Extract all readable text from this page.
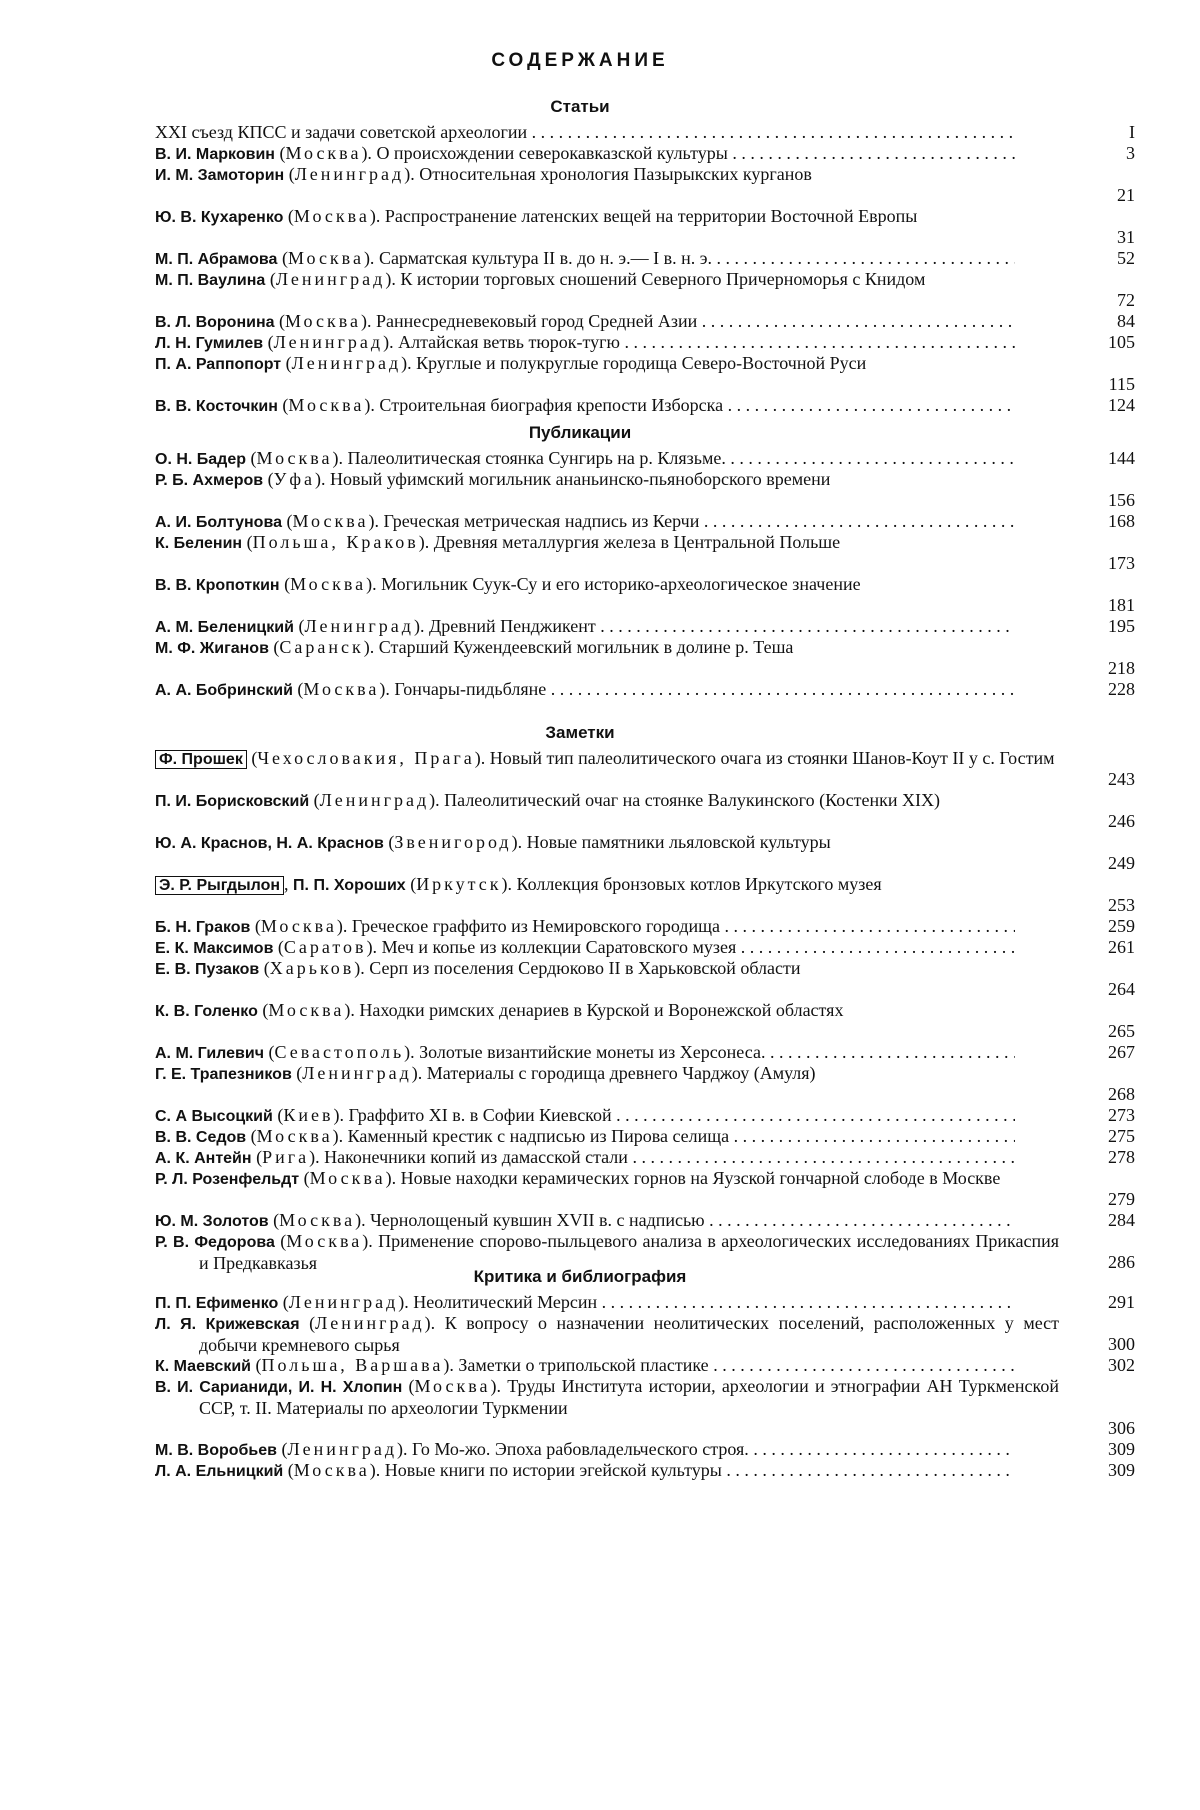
СОДЕРЖАНИЕ
Статьи
XXI съезд КПСС и задачи советской археологии . . .	I
В. И. Марковин (Москва). О происхождении северокавказской культуры . . .	3
И. М. Замоторин (Ленинград). Относительная хронология Пазырыкских курганов
21
Ю. В. Кухаренко (Москва). Распространение латенских вещей на территории Восточной Европы
31
М. П. Абрамова (Москва). Сарматская культура II в. до н. э.— I в. н. э. . . .	52
М. П. Ваулина (Ленинград). К истории торговых сношений Северного Причерноморья с Книдом
72
В. Л. Воронина (Москва). Раннесредневековый город Средней Азии . . .	84
Л. Н. Гумилев (Ленинград). Алтайская ветвь тюрок-тугю . . .	105
П. А. Раппопорт (Ленинград). Круглые и полукруглые городища Северо-Восточной Руси
115
В. В. Косточкин (Москва). Строительная биография крепости Изборска . . .	124
Публикации
О. Н. Бадер (Москва). Палеолитическая стоянка Сунгирь на р. Клязьме. . . .	144
Р. Б. Ахмеров (Уфа). Новый уфимский могильник ананьинско-пьяноборского времени
156
А. И. Болтунова (Москва). Греческая метрическая надпись из Керчи . . .	168
К. Беленин (Польша, Краков). Древняя металлургия железа в Центральной Польше
173
В. В. Кропоткин (Москва). Могильник Суук-Су и его историко-археологическое значение
181
А. М. Беленицкий (Ленинград). Древний Пенджикент . . .	195
М. Ф. Жиганов (Саранск). Старший Кужендеевский могильник в долине р. Теша
218
А. А. Бобринский (Москва). Гончары-пидьбляне . . .	228
Заметки
Ф. Прошек (Чехословакия, Прага). Новый тип палеолитического очага из стоянки Шанов-Коут II у с. Гостим
243
П. И. Борисковский (Ленинград). Палеолитический очаг на стоянке Валукинского (Костенки XIX)
246
Ю. А. Краснов, Н. А. Краснов (Звенигород). Новые памятники льяловской культуры
249
Э. Р. Рыгдылон , П. П. Хороших (Иркутск). Коллекция бронзовых котлов Иркутского музея
253
Б. Н. Граков (Москва). Греческое граффито из Немировского городища . . .	259
Е. К. Максимов (Саратов). Меч и копье из коллекции Саратовского музея . . .	261
Е. В. Пузаков (Харьков). Серп из поселения Сердюково II в Харьковской области
264
К. В. Голенко (Москва). Находки римских денариев в Курской и Воронежской областях
265
А. М. Гилевич (Севастополь). Золотые византийские монеты из Херсонеса. . . .	267
Г. Е. Трапезников (Ленинград). Материалы с городища древнего Чарджоу (Амуля)
268
С. А Высоцкий (Киев). Граффито XI в. в Софии Киевской . . .	273
В. В. Седов (Москва). Каменный крестик с надписью из Пирова селища . . .	275
А. К. Антейн (Рига). Наконечники копий из дамасской стали . . .	278
Р. Л. Розенфельдт (Москва). Новые находки керамических горнов на Яузской гончарной слободе в Москве
279
Ю. М. Золотов (Москва). Чернолощеный кувшин XVII в. с надписью . . .	284
Р. В. Федорова (Москва). Применение спорово-пыльцевого анализа в археологических исследованиях Прикаспия и Предкавказья	286
Критика и библиография
П. П. Ефименко (Ленинград). Неолитический Мерсин . . .	291
Л. Я. Крижевская (Ленинград). К вопросу о назначении неолитических поселений, расположенных у мест добычи кремневого сырья	300
К. Маевский (Польша, Варшава). Заметки о трипольской пластике . . .	302
В. И. Сарианиди, И. Н. Хлопин (Москва). Труды Института истории, археологии и этнографии АН Туркменской ССР, т. II. Материалы по археологии Туркмении
306
М. В. Воробьев (Ленинград). Го Мо-жо. Эпоха рабовладельческого строя. . . .	309
Л. А. Ельницкий (Москва). Новые книги по истории эгейской культуры . . .	309
